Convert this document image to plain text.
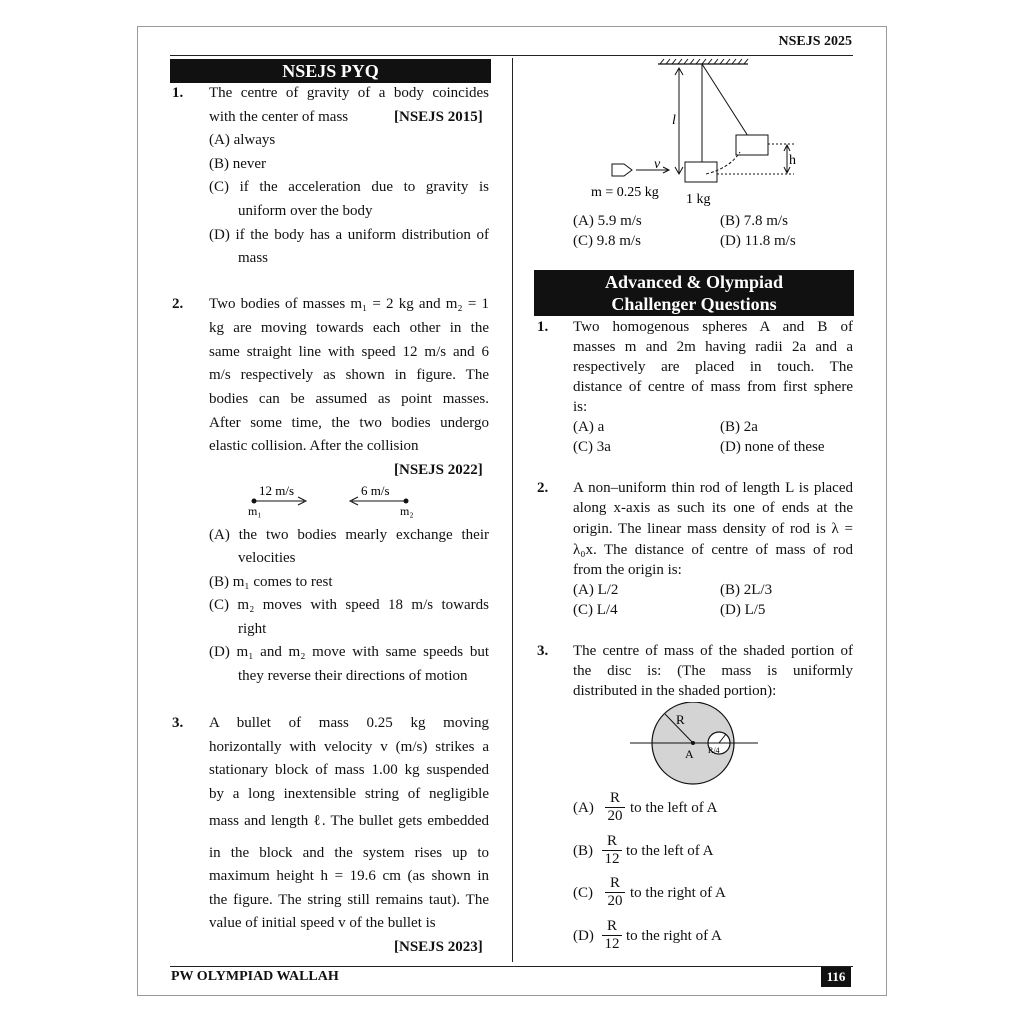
NSEJS 2025
NSEJS PYQ
1. The centre of gravity of a body coincides
with the center of mass	[NSEJS 2015]
(A) always
(B) never
(C) if the acceleration due to gravity is
uniform over the body
(D) if the body has a uniform distribution of
mass
2. Two bodies of masses m₁ = 2 kg and m₂ = 1
kg are moving towards each other in the
same straight line with speed 12 m/s and 6
m/s respectively as shown in figure. The
bodies can be assumed as point masses.
After some time, the two bodies undergo
elastic collision. After the collision
[NSEJS 2022]
12 m/s
m₁
6 m/s
m₂
(A) the two bodies mearly exchange their
velocities
(B) m₁ comes to rest
(C) m₂ moves with speed 18 m/s towards
right
(D) m₁ and m₂ move with same speeds but
they reverse their directions of motion
3. A bullet of mass 0.25 kg moving
horizontally with velocity v (m/s) strikes a
stationary block of mass 1.00 kg suspended
by a long inextensible string of negligible
mass and length ℓ. The bullet gets embedded
in the block and the system rises up to
maximum height h = 19.6 cm (as shown in
the figure. The string still remains taut). The
value of initial speed v of the bullet is
[NSEJS 2023]
l
h
v
m = 0.25 kg 1 kg
(A) 5.9 m/s	(B) 7.8 m/s
(C) 9.8 m/s	(D) 11.8 m/s
Advanced & Olympiad
Challenger Questions
1. Two homogenous spheres A and B of
masses m and 2m having radii 2a and a
respectively are placed in touch. The
distance of centre of mass from first sphere
is:
(A) a	(B) 2a
(C) 3a	(D) none of these
2. A non–uniform thin rod of length L is placed
along x-axis as such its one of ends at the
origin. The linear mass density of rod is λ =
λ₀x. The distance of centre of mass of rod
from the origin is:
(A) L/2	(B) 2L/3
(C) L/4	(D) L/5
3. The centre of mass of the shaded portion of
the disc is: (The mass is uniformly
distributed in the shaded portion):
R
A R/4
$(A) \frac{R}{20}$ to the left of A
$(B) \frac{R}{12}$ to the left of A
$(C) \frac{R}{20}$ to the right of A
$(D) \frac{R}{12}$ to the right of A
PW OLYMPIAD WALLAH	116
